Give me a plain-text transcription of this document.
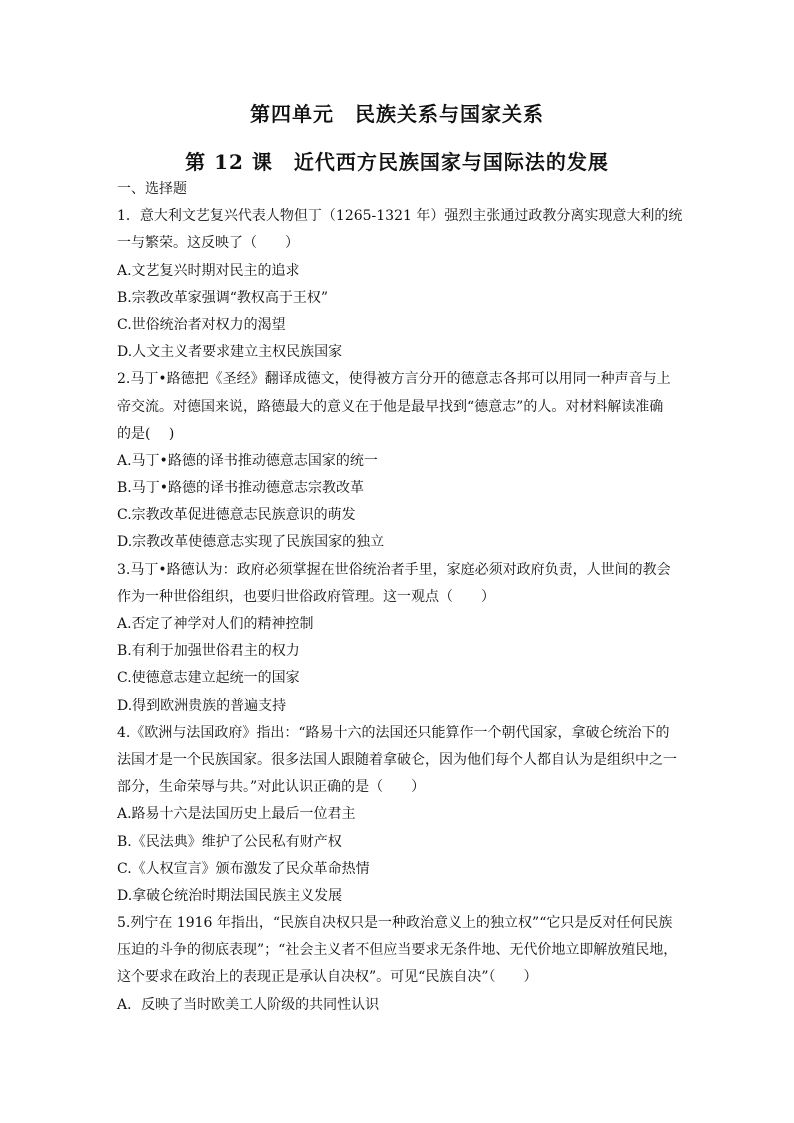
第四单元　民族关系与国家关系
第 12 课　近代西方民族国家与国际法的发展
一、选择题
1．意大利文艺复兴代表人物但丁（1265-1321 年）强烈主张通过政教分离实现意大利的统
一与繁荣。这反映了（　　）
A.文艺复兴时期对民主的追求
B.宗教改革家强调“教权高于王权”
C.世俗统治者对权力的渴望
D.人文主义者要求建立主权民族国家
2.马丁•路德把《圣经》翻译成德文，使得被方言分开的德意志各邦可以用同一种声音与上
帝交流。对德国来说，路德最大的意义在于他是最早找到“德意志”的人。对材料解读准确
的是(　 )
A.马丁•路德的译书推动德意志国家的统一
B.马丁•路德的译书推动德意志宗教改革
C.宗教改革促进德意志民族意识的萌发
D.宗教改革使德意志实现了民族国家的独立
3.马丁•路德认为：政府必须掌握在世俗统治者手里，家庭必须对政府负责，人世间的教会
作为一种世俗组织，也要归世俗政府管理。这一观点（　　）
A.否定了神学对人们的精神控制
B.有利于加强世俗君主的权力
C.使德意志建立起统一的国家
D.得到欧洲贵族的普遍支持
4.《欧洲与法国政府》指出：“路易十六的法国还只能算作一个朝代国家，拿破仑统治下的
法国才是一个民族国家。很多法国人跟随着拿破仑，因为他们每个人都自认为是组织中之一
部分，生命荣辱与共。”对此认识正确的是（　　）
A.路易十六是法国历史上最后一位君主
B.《民法典》维护了公民私有财产权
C.《人权宣言》颁布激发了民众革命热情
D.拿破仑统治时期法国民族主义发展
5.列宁在 1916 年指出，“民族自决权只是一种政治意义上的独立权”“它只是反对任何民族
压迫的斗争的彻底表现”；“社会主义者不但应当要求无条件地、无代价地立即解放殖民地，
这个要求在政治上的表现正是承认自决权”。可见“民族自决”（　　）
A．反映了当时欧美工人阶级的共同性认识
